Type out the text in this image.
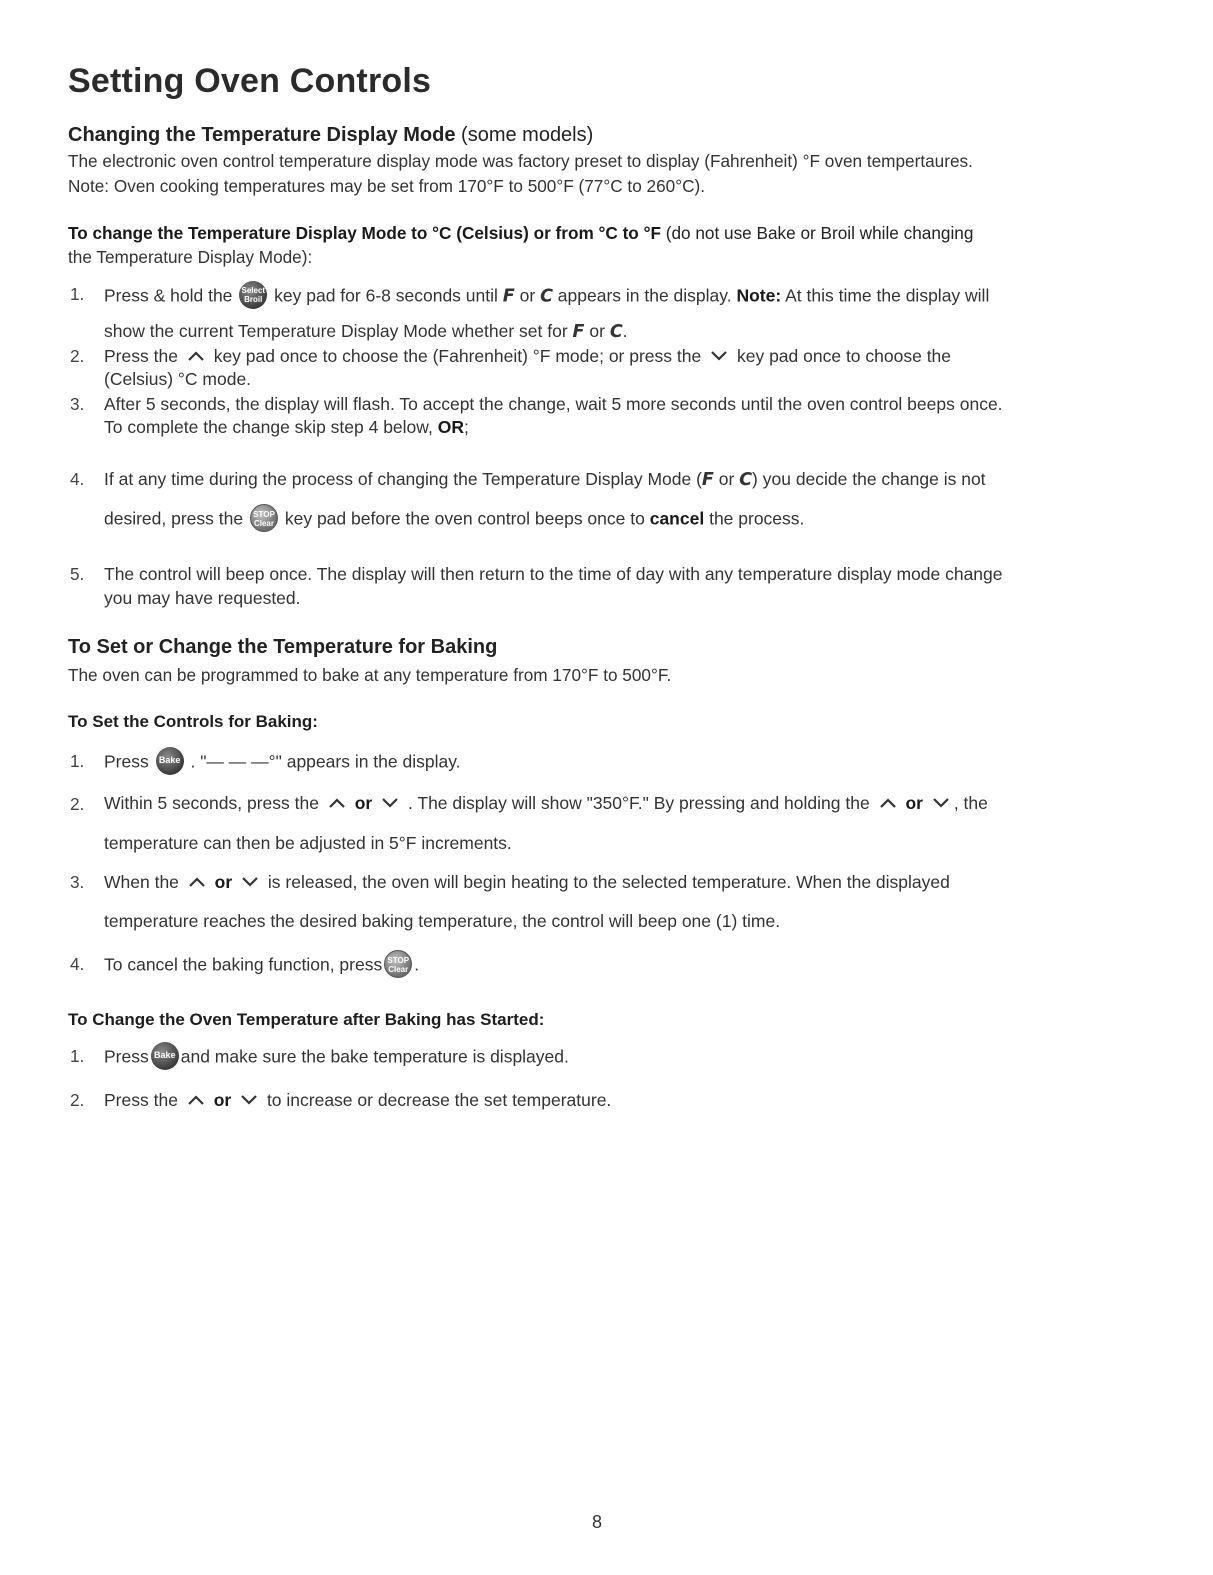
Setting Oven Controls
Changing the Temperature Display Mode (some models)
The electronic oven control temperature display mode was factory preset to display (Fahrenheit) °F oven tempertaures.
Note: Oven cooking temperatures may be set from 170°F to 500°F (77°C to 260°C).
To change the Temperature Display Mode to °C (Celsius) or from °C to °F (do not use Bake or Broil while changing
the Temperature Display Mode):
1. Press & hold the Select
Broil key pad for 6-8 seconds until F or C appears in the display. Note: At this time the display will
show the current Temperature Display Mode whether set for F or C.
2. Press the key pad once to choose the (Fahrenheit) °F mode; or press the key pad once to choose the
(Celsius) °C mode.
3. After 5 seconds, the display will flash. To accept the change, wait 5 more seconds until the oven control beeps once.
To complete the change skip step 4 below, OR;
4. If at any time during the process of changing the Temperature Display Mode (F or C) you decide the change is not
desired, press the STOP
Clear key pad before the oven control beeps once to cancel the process.
5. The control will beep once. The display will then return to the time of day with any temperature display mode change
you may have requested.
To Set or Change the Temperature for Baking
The oven can be programmed to bake at any temperature from 170°F to 500°F.
To Set the Controls for Baking:
1. Press Bake . "— — —°" appears in the display.
2. Within 5 seconds, press the or . The display will show "350°F." By pressing and holding the or , the
temperature can then be adjusted in 5°F increments.
3. When the or is released, the oven will begin heating to the selected temperature. When the displayed
temperature reaches the desired baking temperature, the control will beep one (1) time.
4. To cancel the baking function, press STOP
Clear .
To Change the Oven Temperature after Baking has Started:
1. Press Bake and make sure the bake temperature is displayed.
2. Press the or to increase or decrease the set temperature.
8
